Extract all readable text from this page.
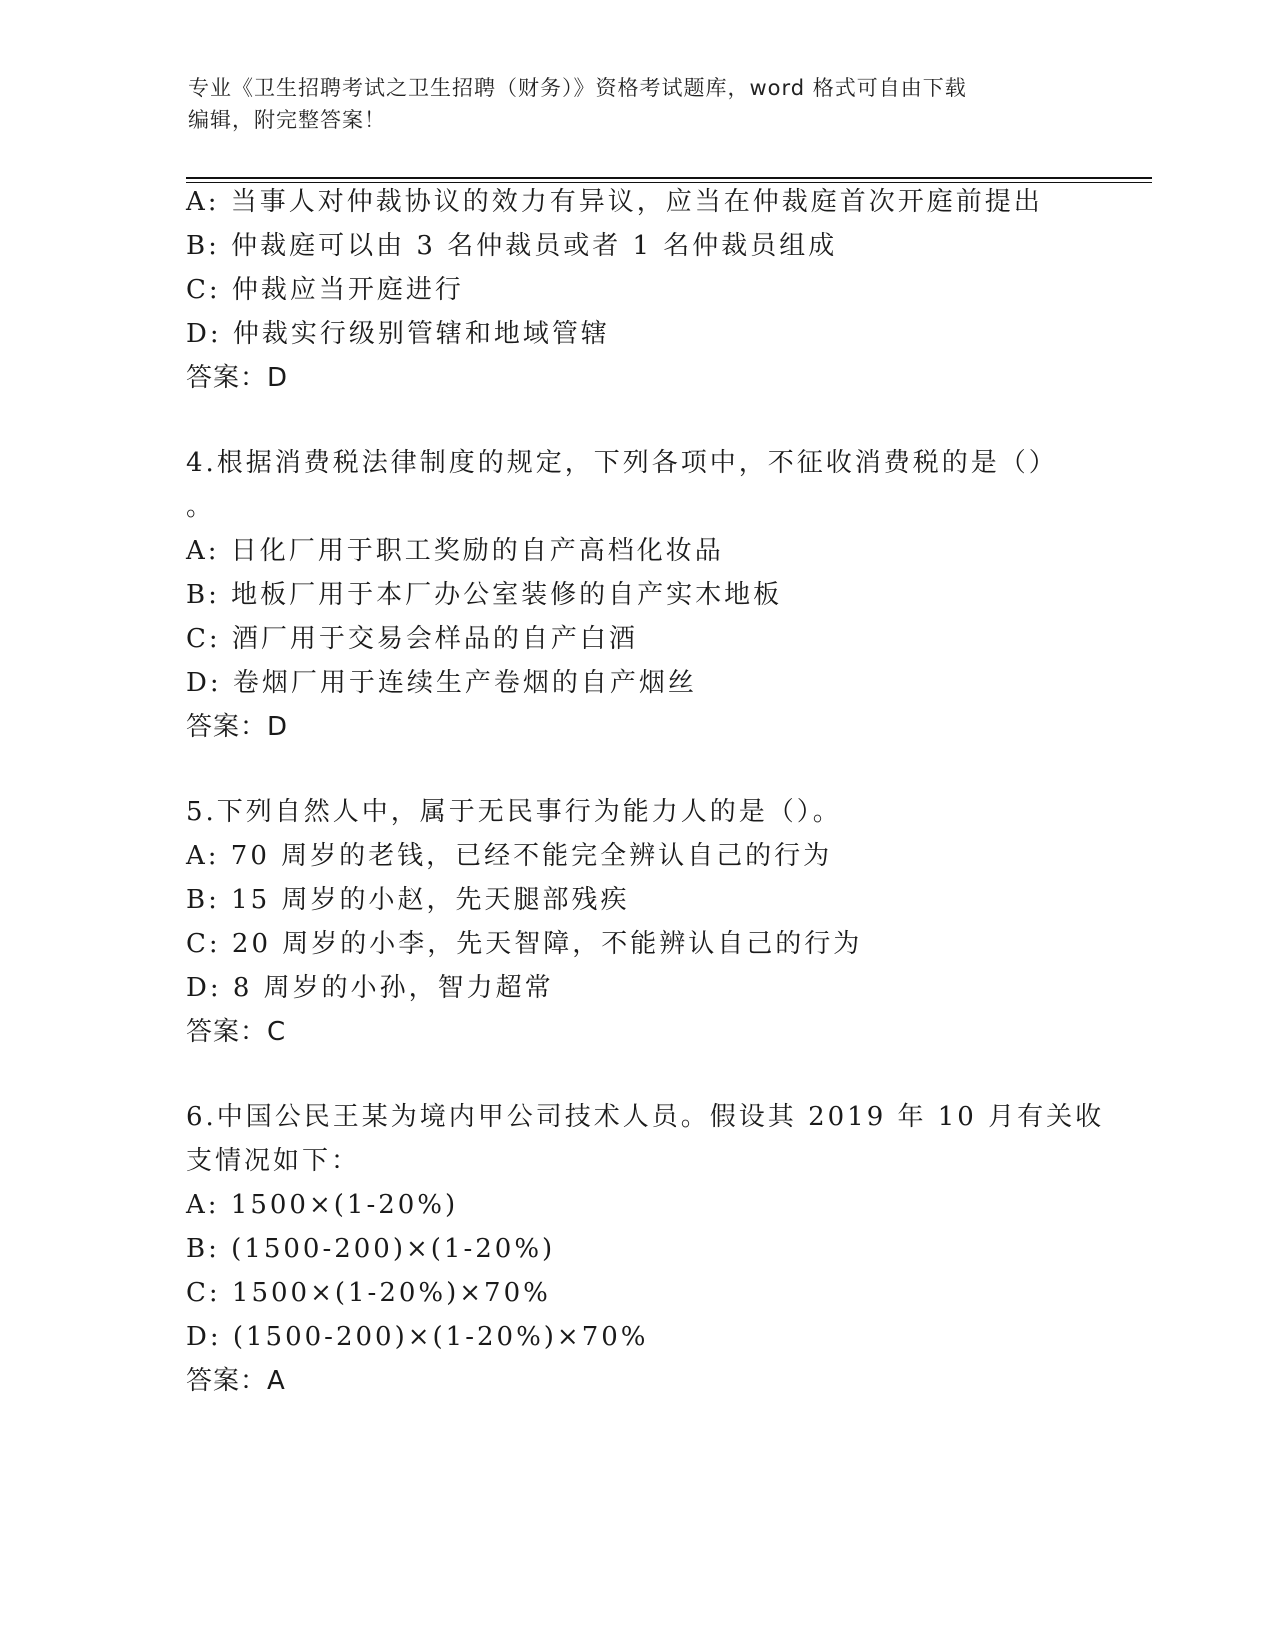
专业《卫生招聘考试之卫生招聘（财务）》资格考试题库，word 格式可自由下载
编辑，附完整答案！
A: 当事人对仲裁协议的效力有异议，应当在仲裁庭首次开庭前提出
B: 仲裁庭可以由 3 名仲裁员或者 1 名仲裁员组成
C: 仲裁应当开庭进行
D: 仲裁实行级别管辖和地域管辖
答案：D
4.根据消费税法律制度的规定，下列各项中，不征收消费税的是（）
。
A: 日化厂用于职工奖励的自产高档化妆品
B: 地板厂用于本厂办公室装修的自产实木地板
C: 酒厂用于交易会样品的自产白酒
D: 卷烟厂用于连续生产卷烟的自产烟丝
答案：D
5.下列自然人中，属于无民事行为能力人的是（）。
A: 70 周岁的老钱，已经不能完全辨认自己的行为
B: 15 周岁的小赵，先天腿部残疾
C: 20 周岁的小李，先天智障，不能辨认自己的行为
D: 8 周岁的小孙，智力超常
答案：C
6.中国公民王某为境内甲公司技术人员。假设其 2019 年 10 月有关收
支情况如下：
A: 1500×(1-20%)
B: (1500-200)×(1-20%)
C: 1500×(1-20%)×70%
D: (1500-200)×(1-20%)×70%
答案：A
